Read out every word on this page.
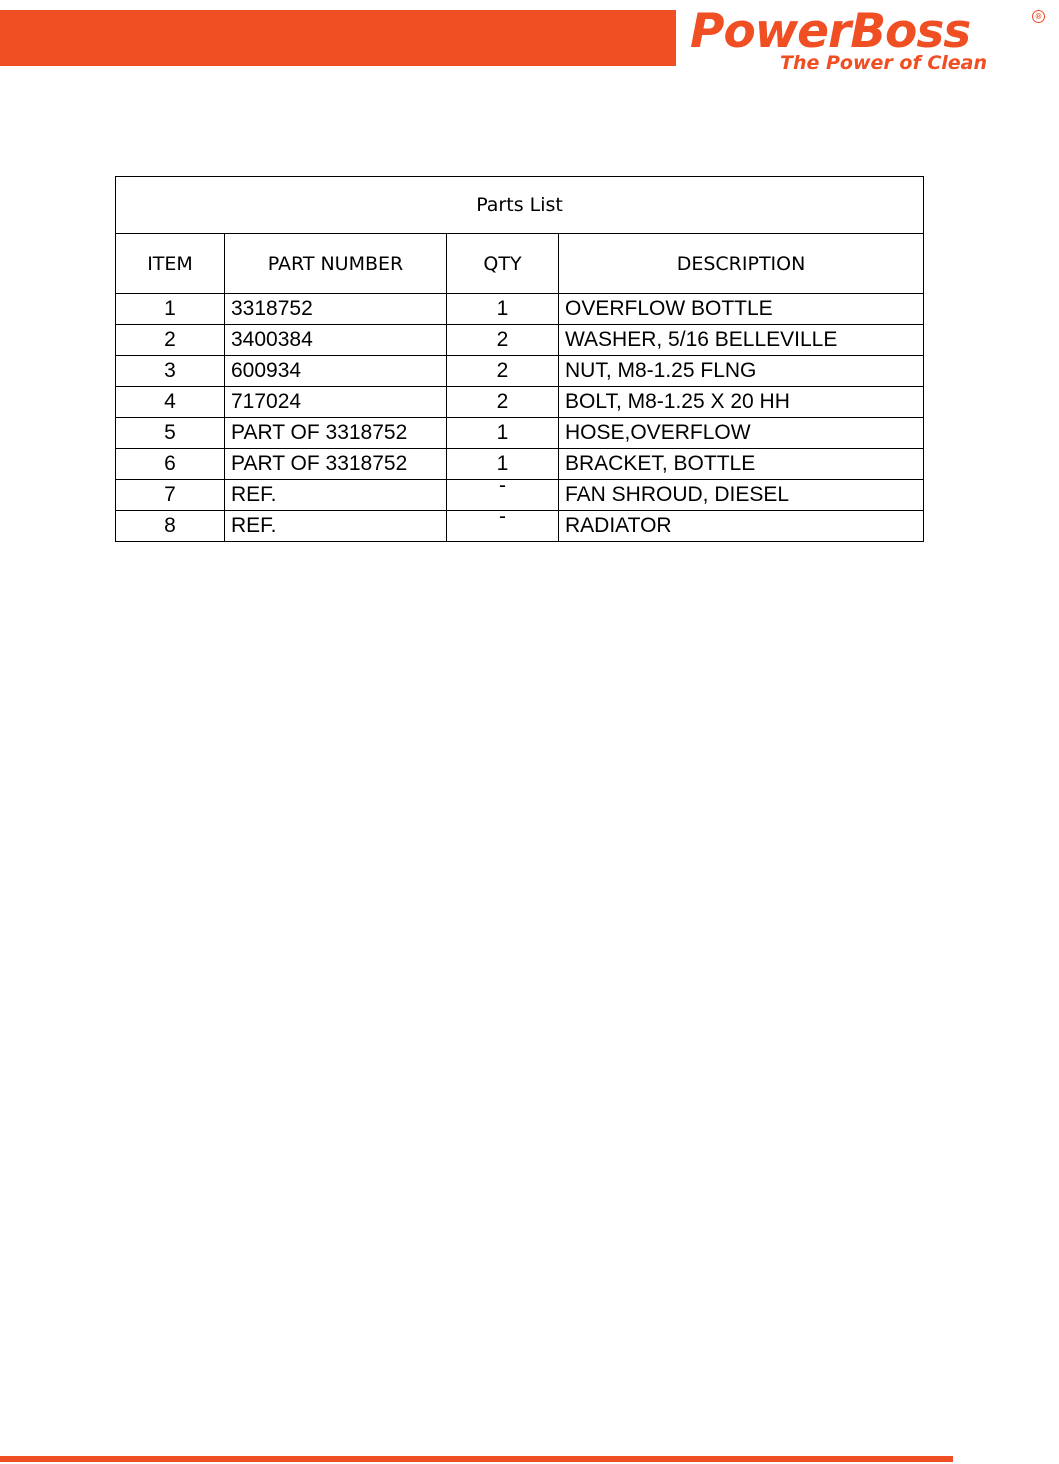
PowerBoss	®
The Power of Clean
Parts List			
ITEM	PART NUMBER	QTY	DESCRIPTION
1	3318752	1	OVERFLOW BOTTLE
2	3400384	2	WASHER, 5/16 BELLEVILLE
3	600934	2	NUT, M8-1.25 FLNG
4	717024	2	BOLT, M8-1.25 X 20 HH
5	PART OF 3318752	1	HOSE,OVERFLOW
6	PART OF 3318752	1	BRACKET, BOTTLE
7	REF.	-	FAN SHROUD, DIESEL
8	REF.	-	RADIATOR
